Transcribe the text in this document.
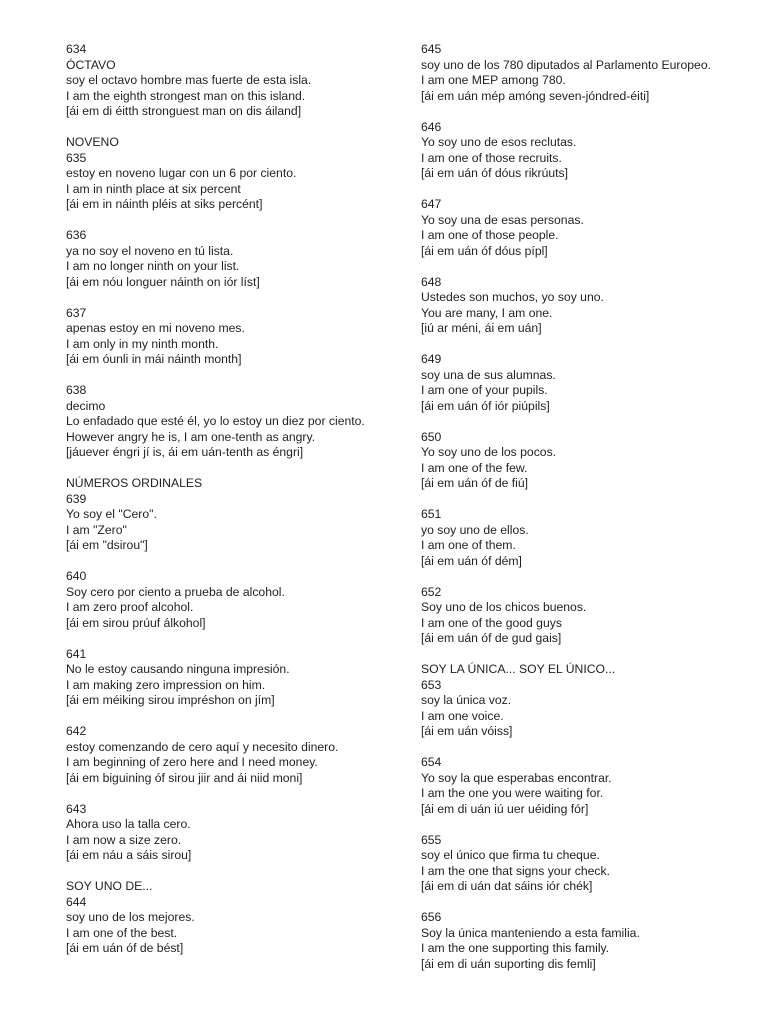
634
ÓCTAVO
soy el octavo hombre mas fuerte de esta isla.
I am the eighth strongest man on this island.
[ái em di éitth stronguest man on dis áiland]
NOVENO
635
estoy en noveno lugar con un 6 por ciento.
I am in ninth place at six percent
[ái em in náinth pléis at siks percént]
636
ya no soy el noveno en tú lista.
I am no longer ninth on your list.
[ái em nóu longuer náinth on iór líst]
637
apenas estoy en mi noveno mes.
I am only in my ninth month.
[ái em óunli in mái náinth month]
638
decimo
Lo enfadado que esté él, yo lo estoy un diez por ciento.
However angry he is, I am one-tenth as angry.
[jáuever éngri jí is, ái em uán-tenth as éngri]
NÚMEROS ORDINALES
639
Yo soy el "Cero".
I am "Zero"
[ái em "dsirou"]
640
Soy cero por ciento a prueba de alcohol.
I am zero proof alcohol.
[ái em sirou prúuf álkohol]
641
No le estoy causando ninguna impresión.
I am making zero impression on him.
[ái em méiking sirou impréshon on jím]
642
estoy comenzando de cero aquí y necesito dinero.
I am beginning of zero here and I need money.
[ái em biguining óf sirou jiir and ái niid moni]
643
Ahora uso la talla cero.
I am now a size zero.
[ái em náu a sáis sirou]
SOY UNO DE...
644
soy uno de los mejores.
I am one of the best.
[ái em uán óf de bést]
645
soy uno de los 780 diputados al Parlamento Europeo.
I am one MEP among 780.
[ái em uán mép amóng seven-jóndred-éiti]
646
Yo soy uno de esos reclutas.
I am one of those recruits.
[ái em uán óf dóus rikrúuts]
647
Yo soy una de esas personas.
I am one of those people.
[ái em uán óf dóus pípl]
648
Ustedes son muchos, yo soy uno.
You are many, I am one.
[iú ar méni, ái em uán]
649
soy una de sus alumnas.
I am one of your pupils.
[ái em uán óf iór piúpils]
650
Yo soy uno de los pocos.
I am one of the few.
[ái em uán óf de fiú]
651
yo soy uno de ellos.
I am one of them.
[ái em uán óf dém]
652
Soy uno de los chicos buenos.
I am one of the good guys
[ái em uán óf de gud gais]
SOY LA ÚNICA... SOY EL ÚNICO...
653
soy la única voz.
I am one voice.
[ái em uán vóiss]
654
Yo soy la que esperabas encontrar.
I am the one you were waiting for.
[ái em di uán iú uer uéiding fór]
655
soy el único que firma tu cheque.
I am the one that signs your check.
[ái em di uán dat sáins iór chék]
656
Soy la única manteniendo a esta familia.
I am the one supporting this family.
[ái em di uán suporting dis femli]
